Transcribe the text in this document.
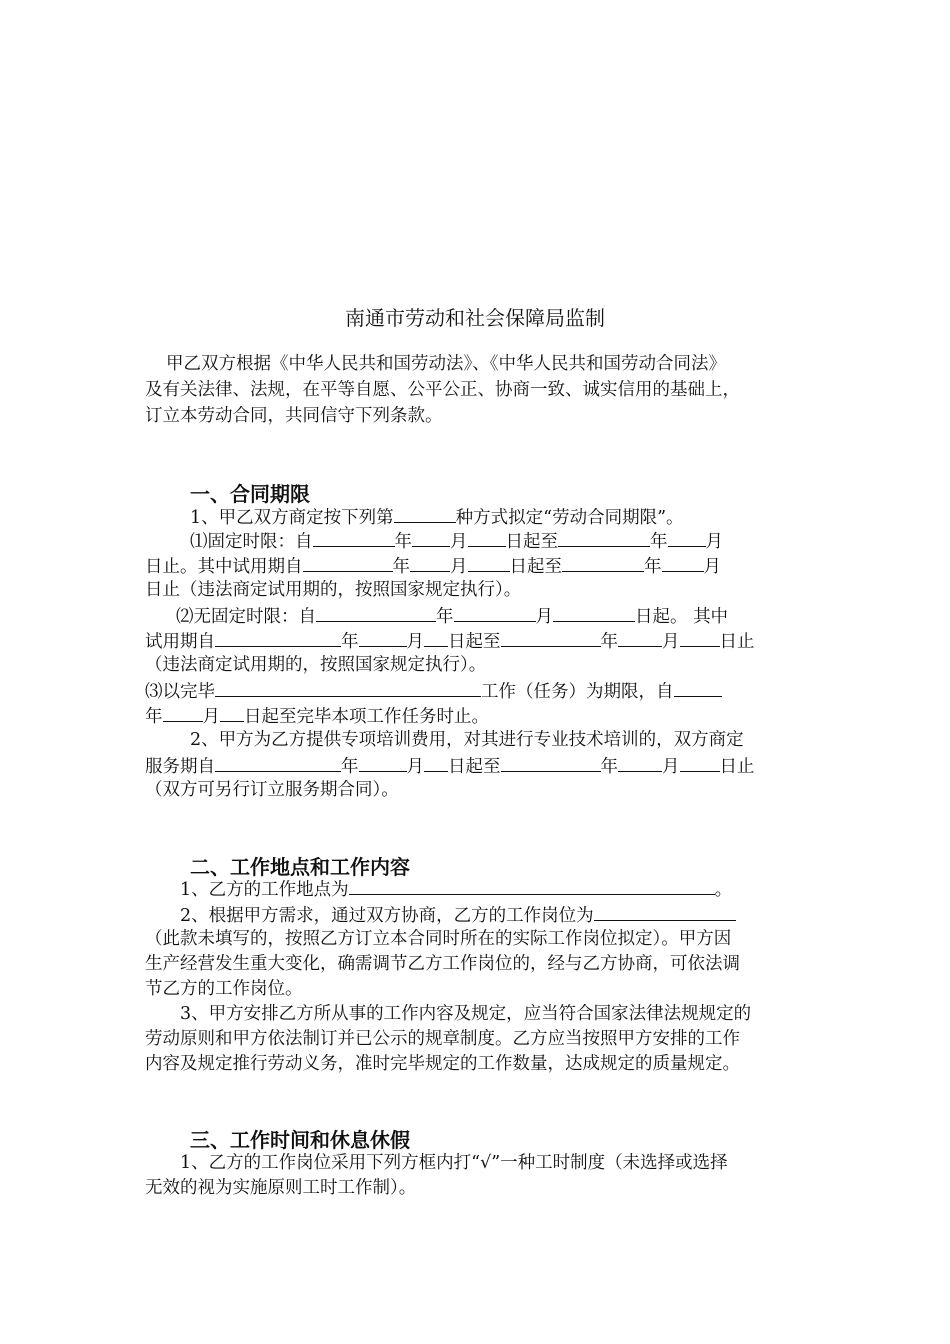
南通市劳动和社会保障局监制
甲乙双方根据《中华人民共和国劳动法》、《中华人民共和国劳动合同法》
及有关法律、法规，在平等自愿、公平公正、协商一致、诚实信用的基础上，
订立本劳动合同，共同信守下列条款。
一、合同期限
1、甲乙双方商定按下列第	种方式拟定“劳动合同期限”。
⑴固定时限：自	年 月 日起至	年 月
日止。其中试用期自	年 月 日起至	年 月
日止（违法商定试用期的，按照国家规定执行）。
⑵无固定时限：自	年	月	日起。 其中
试用期自	年	月 日起至	年	月 日止
（违法商定试用期的，按照国家规定执行）。
⑶以完毕	工作（任务）为期限，自
年 月 日起至完毕本项工作任务时止。
2、甲方为乙方提供专项培训费用，对其进行专业技术培训的，双方商定
服务期自	年	月 日起至	年	月 日止
（双方可另行订立服务期合同）。
二、工作地点和工作内容
1、乙方的工作地点为	。
2、根据甲方需求，通过双方协商，乙方的工作岗位为
（此款未填写的，按照乙方订立本合同时所在的实际工作岗位拟定）。甲方因
生产经营发生重大变化，确需调节乙方工作岗位的，经与乙方协商，可依法调
节乙方的工作岗位。
3、甲方安排乙方所从事的工作内容及规定，应当符合国家法律法规规定的
劳动原则和甲方依法制订并已公示的规章制度。乙方应当按照甲方安排的工作
内容及规定推行劳动义务，准时完毕规定的工作数量，达成规定的质量规定。
三、工作时间和休息休假
1、乙方的工作岗位采用下列方框内打“√”一种工时制度（未选择或选择
无效的视为实施原则工时工作制）。
